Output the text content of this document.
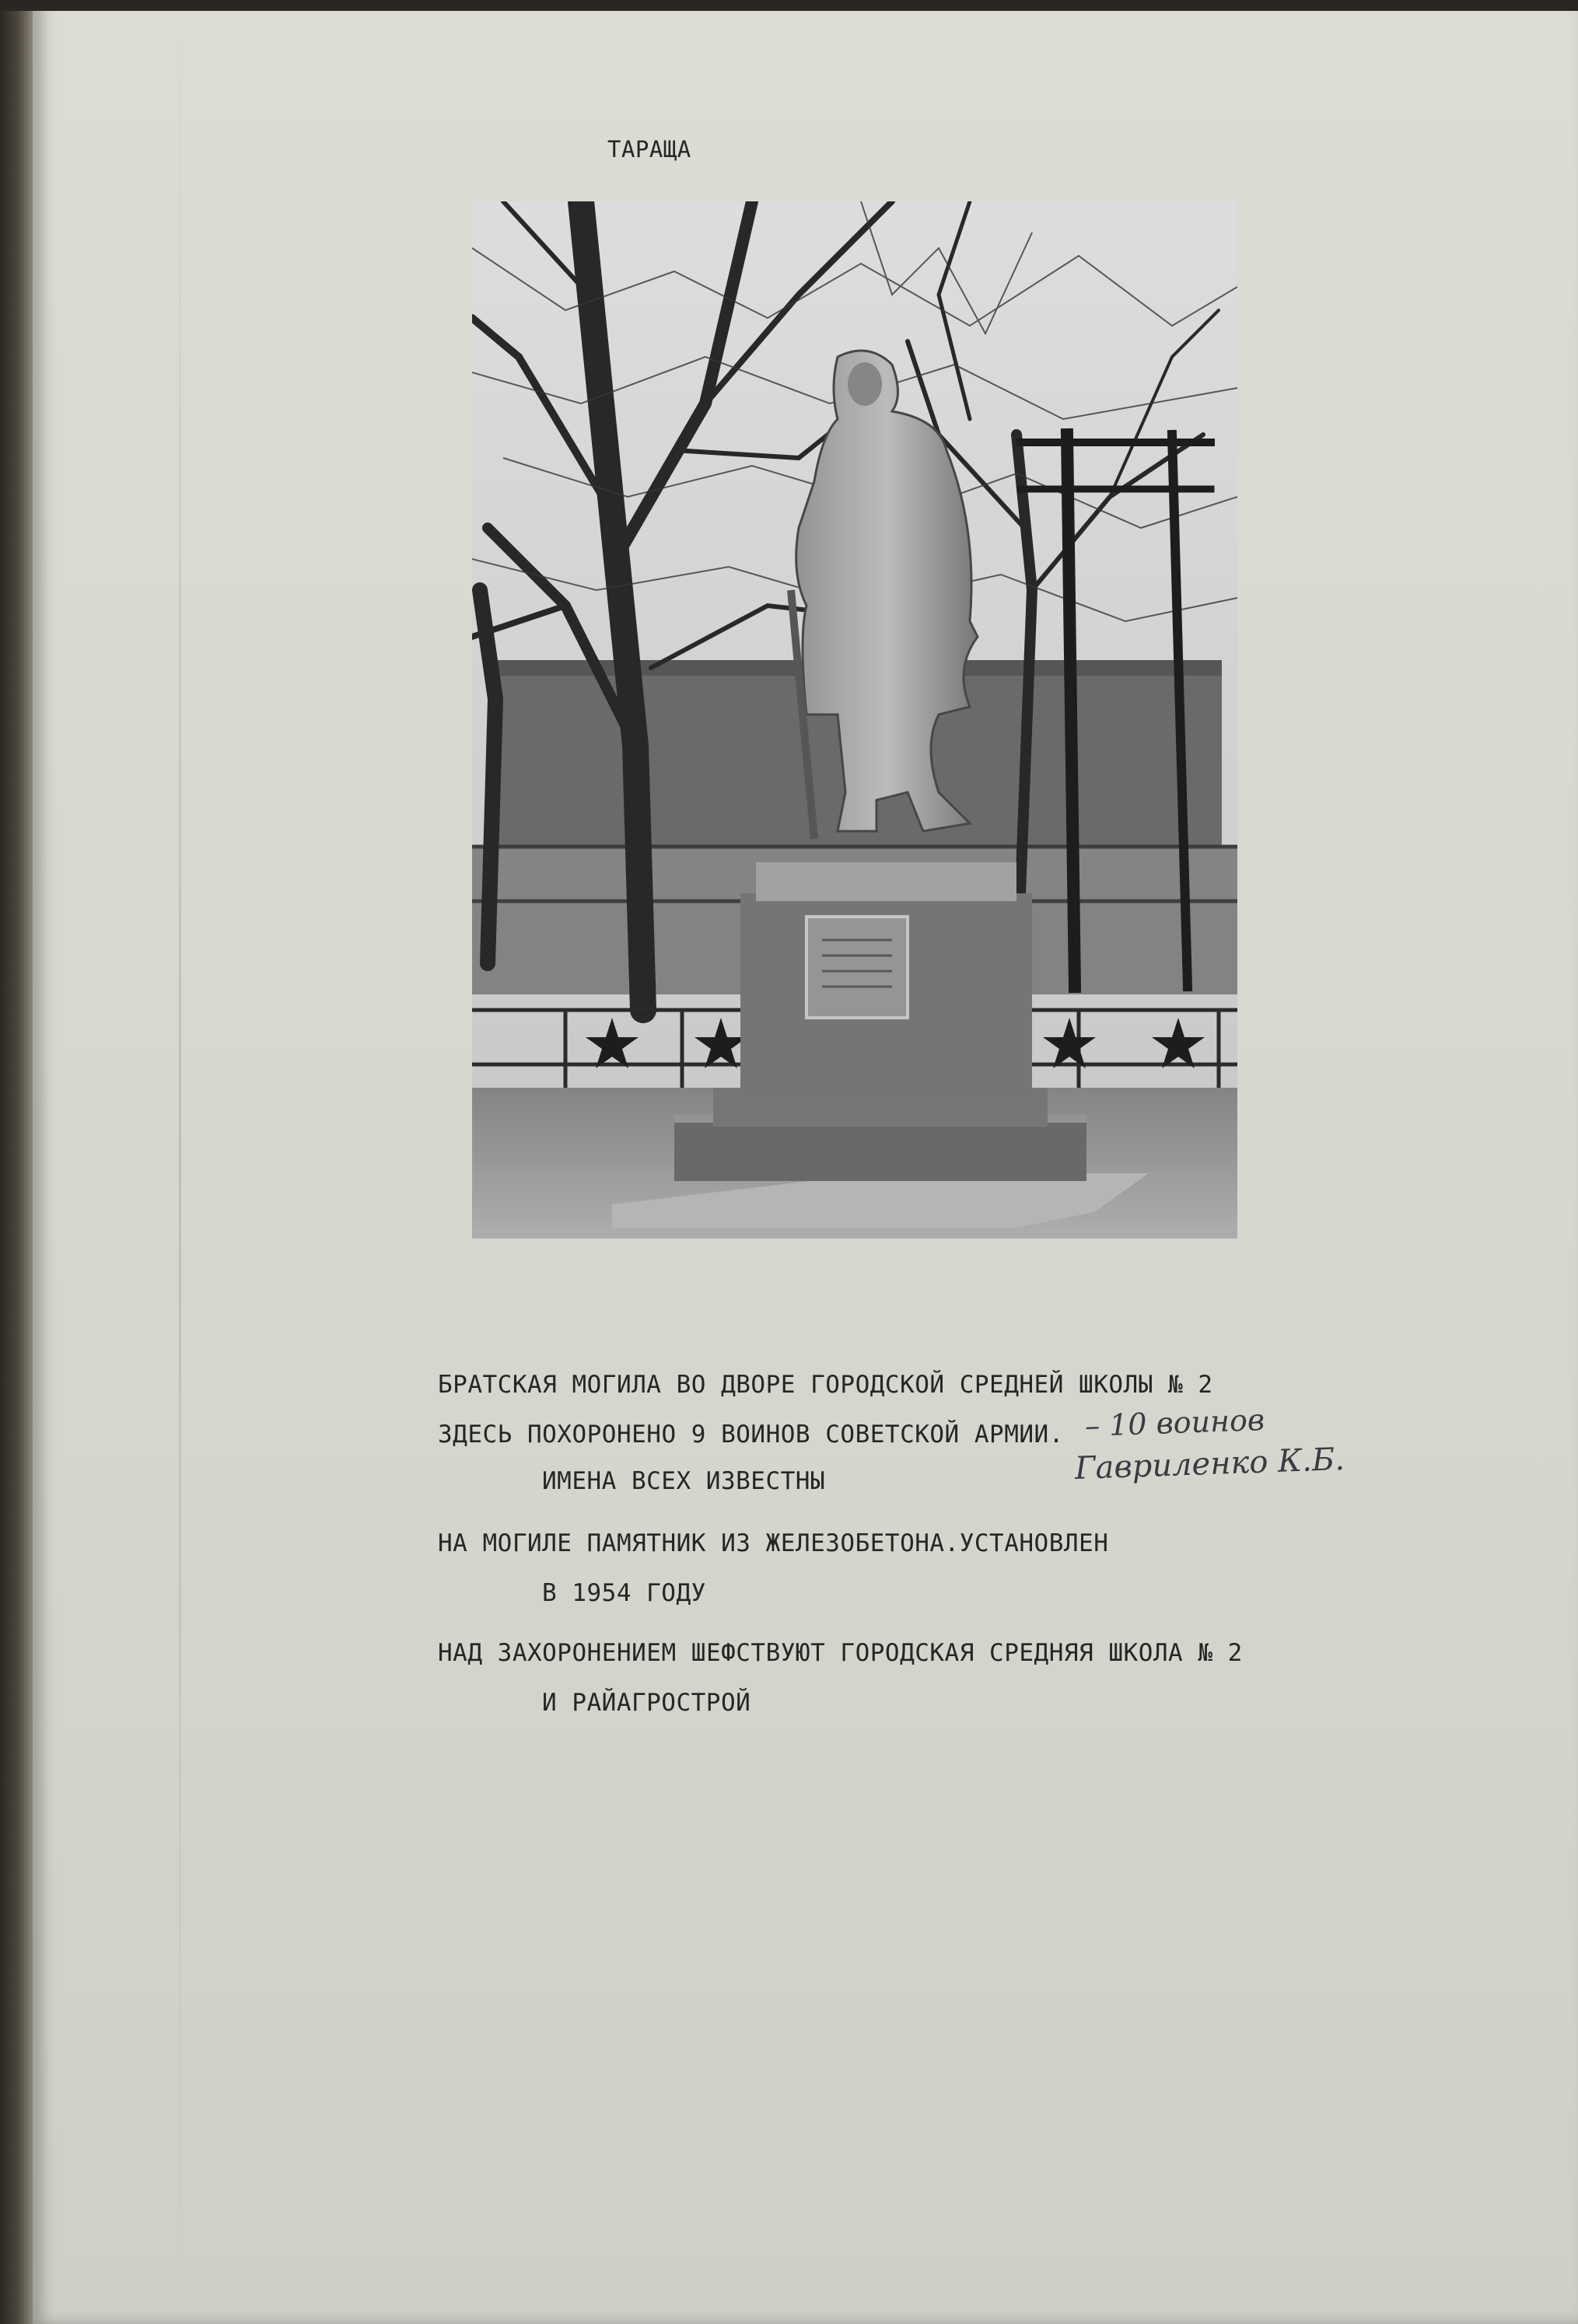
ТАРАЩА
БРАТСКАЯ МОГИЛА ВО ДВОРЕ ГОРОДСКОЙ СРЕДНЕЙ ШКОЛЫ № 2
ЗДЕСЬ ПОХОРОНЕНО 9 ВОИНОВ СОВЕТСКОЙ АРМИИ.
ИМЕНА ВСЕХ ИЗВЕСТНЫ
НА МОГИЛЕ ПАМЯТНИК ИЗ ЖЕЛЕЗОБЕТОНА.УСТАНОВЛЕН
В 1954 ГОДУ
НАД ЗАХОРОНЕНИЕМ ШЕФСТВУЮТ ГОРОДСКАЯ СРЕДНЯЯ ШКОЛА № 2
И РАЙАГРОСТРОЙ
– 10 воинов
Гавриленко К.Б.
